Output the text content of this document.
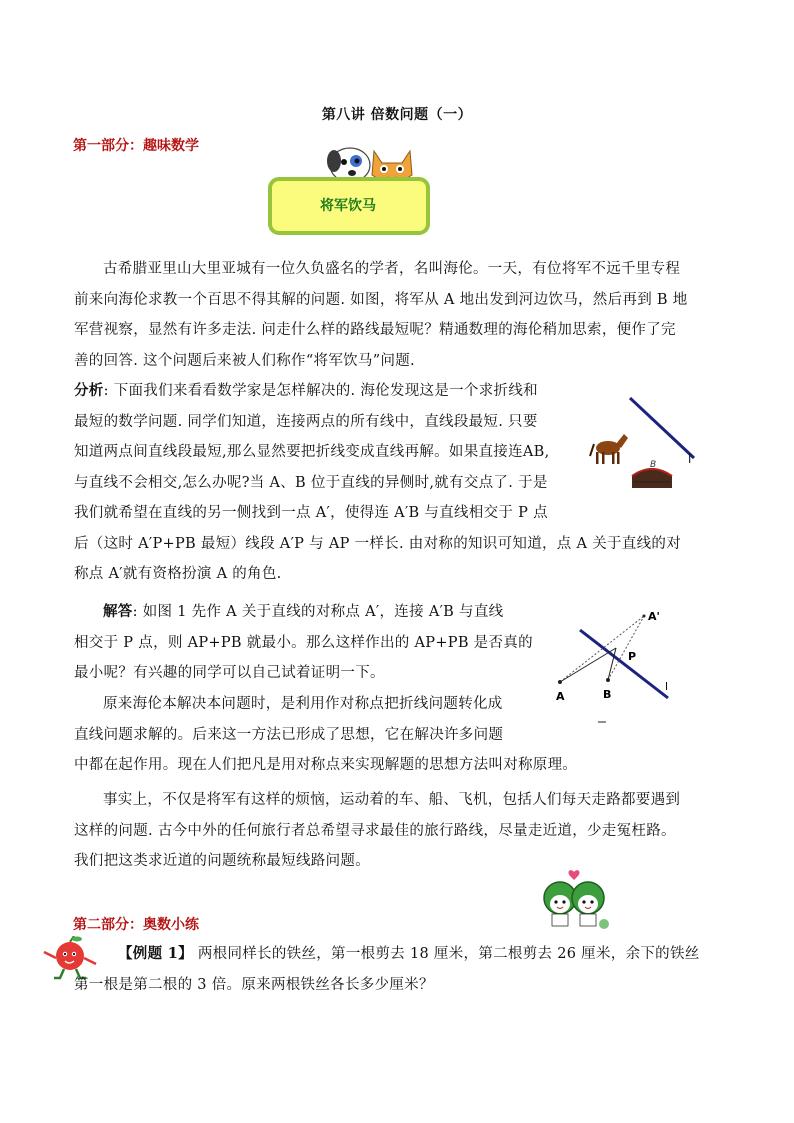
第八讲 倍数问题（一）
第一部分：趣味数学
将军饮马
古希腊亚里山大里亚城有一位久负盛名的学者，名叫海伦。一天，有位将军不远千里专程
前来向海伦求教一个百思不得其解的问题. 如图，将军从 A 地出发到河边饮马，然后再到 B 地
军营视察，显然有许多走法. 问走什么样的路线最短呢？精通数理的海伦稍加思索，便作了完
善的回答. 这个问题后来被人们称作“将军饮马”问题.
分析: 下面我们来看看数学家是怎样解决的. 海伦发现这是一个求折线和
最短的数学问题. 同学们知道，连接两点的所有线中，直线段最短. 只要
知道两点间直线段最短,那么显然要把折线变成直线再解。如果直接连AB,
与直线不会相交,怎么办呢?当 A、B 位于直线的异侧时,就有交点了. 于是
我们就希望在直线的另一侧找到一点 A′，使得连 A′B 与直线相交于 P 点
后（这时 A′P+PB 最短）线段 A′P 与 AP 一样长. 由对称的知识可知道，点 A 关于直线的对
称点 A′就有资格扮演 A 的角色.
B	l
解答: 如图 1 先作 A 关于直线的对称点 A′，连接 A′B 与直线
相交于 P 点，则 AP+PB 就最小。那么这样作出的 AP+PB 是否真的
最小呢？有兴趣的同学可以自己试着证明一下。
原来海伦本解决本问题时，是利用作对称点把折线问题转化成
直线问题求解的。后来这一方法已形成了思想，它在解决许多问题
中都在起作用。现在人们把凡是用对称点来实现解题的思想方法叫对称原理。
A'
P
A	B
l
事实上，不仅是将军有这样的烦恼，运动着的车、船、飞机，包括人们每天走路都要遇到
这样的问题. 古今中外的任何旅行者总希望寻求最佳的旅行路线，尽量走近道，少走冤枉路。
我们把这类求近道的问题统称最短线路问题。
第二部分：奥数小练
【例题 1】 两根同样长的铁丝，第一根剪去 18 厘米，第二根剪去 26 厘米，余下的铁丝
第一根是第二根的 3 倍。原来两根铁丝各长多少厘米？
